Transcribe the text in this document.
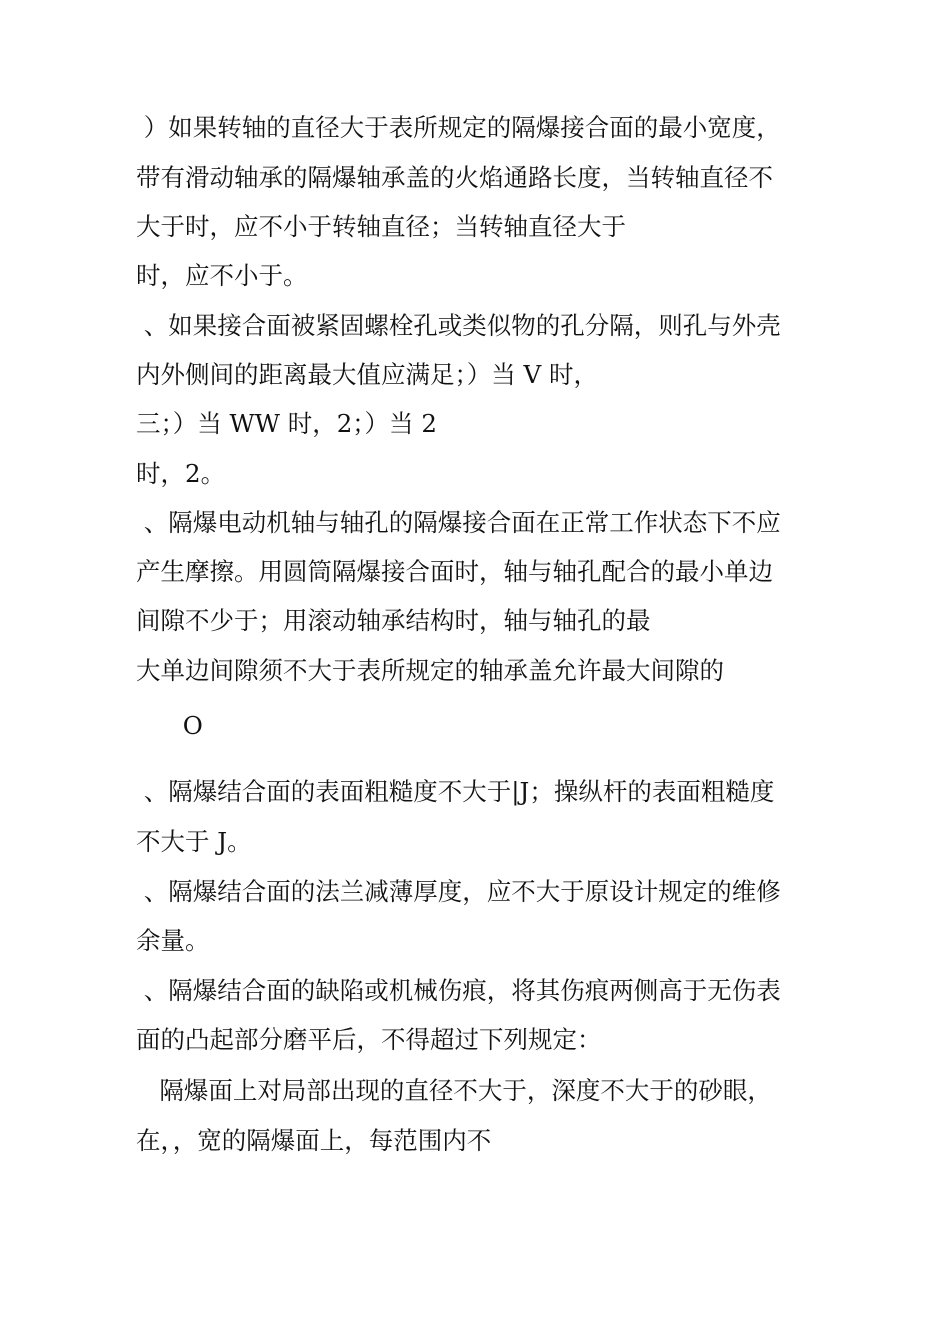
）如果转轴的直径大于表所规定的隔爆接合面的最小宽度，
带有滑动轴承的隔爆轴承盖的火焰通路长度，当转轴直径不
大于时，应不小于转轴直径；当转轴直径大于
时，应不小于。
、如果接合面被紧固螺栓孔或类似物的孔分隔，则孔与外壳
内外侧间的距离最大值应满足；）当 V 时，
三；）当 WW 时，2；）当 2
时，2。
、隔爆电动机轴与轴孔的隔爆接合面在正常工作状态下不应
产生摩擦。用圆筒隔爆接合面时，轴与轴孔配合的最小单边
间隙不少于；用滚动轴承结构时，轴与轴孔的最
大单边间隙须不大于表所规定的轴承盖允许最大间隙的
O
、隔爆结合面的表面粗糙度不大于|J；操纵杆的表面粗糙度
不大于 J。
、隔爆结合面的法兰减薄厚度，应不大于原设计规定的维修
余量。
、隔爆结合面的缺陷或机械伤痕，将其伤痕两侧高于无伤表
面的凸起部分磨平后，不得超过下列规定：
隔爆面上对局部出现的直径不大于，深度不大于的砂眼，
在，，宽的隔爆面上，每范围内不
